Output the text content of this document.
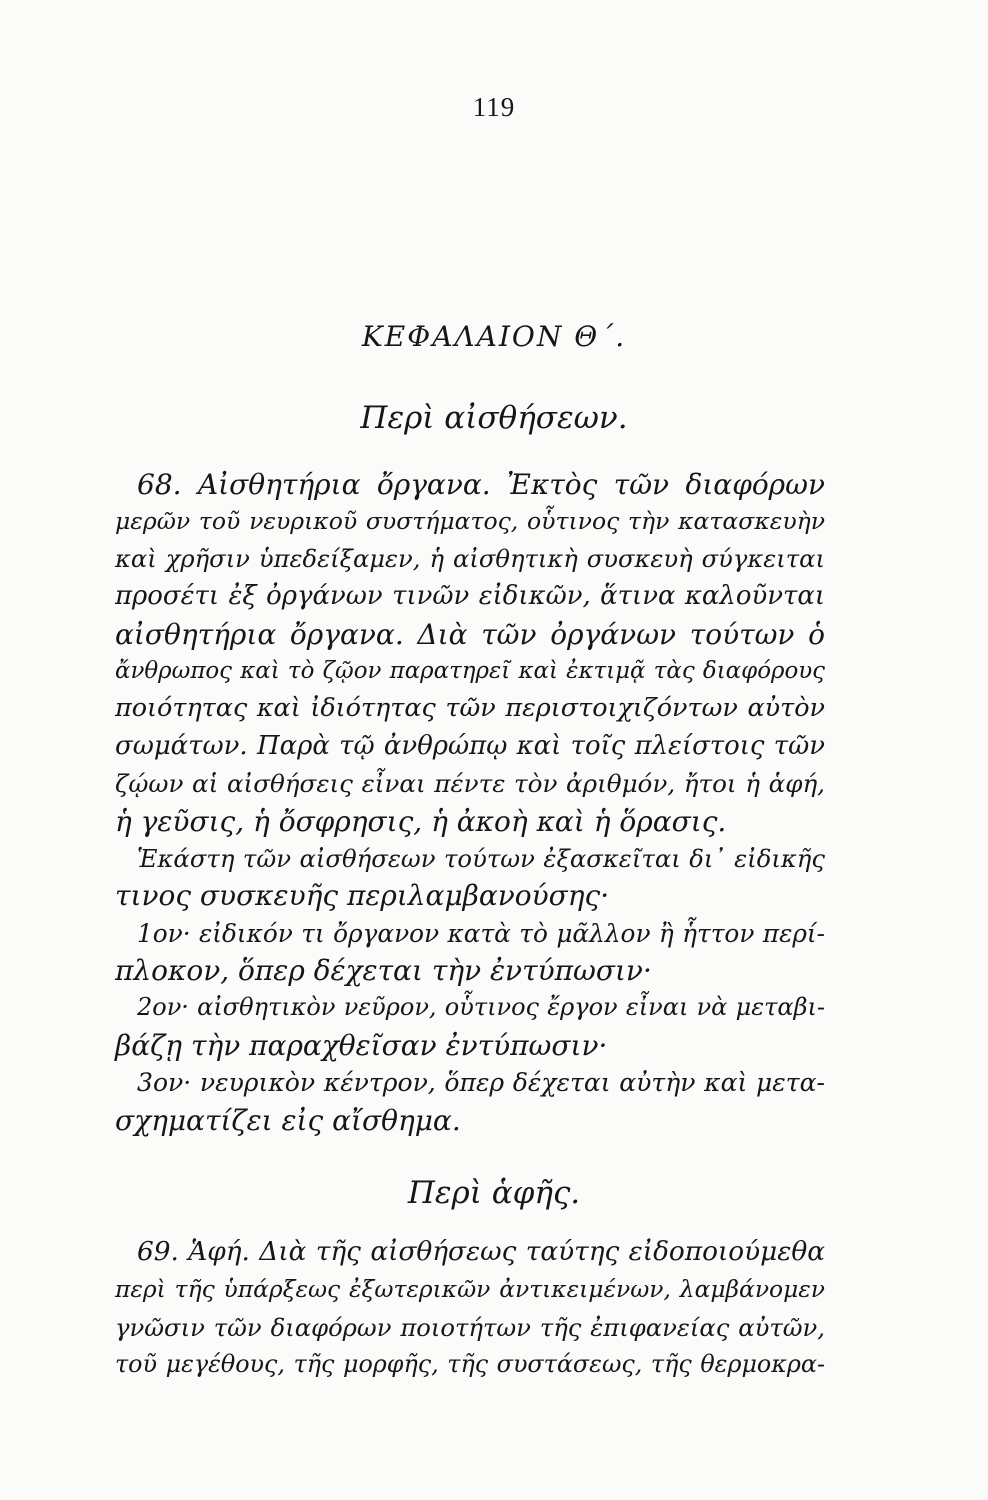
119
ΚΕΦΑΛΑΙΟΝ Θ΄.
Περὶ αἰσθήσεων.
68. Αἰσθητήρια ὄργανα. Ἐκτὸς τῶν διαφόρων
μερῶν τοῦ νευρικοῦ συστήματος, οὗτινος τὴν κατασκευὴν
καὶ χρῆσιν ὑπεδείξαμεν, ἡ αἰσθητικὴ συσκευὴ σύγκειται
προσέτι ἐξ ὀργάνων τινῶν εἰδικῶν, ἅτινα καλοῦνται
αἰσθητήρια ὄργανα. Διὰ τῶν ὀργάνων τούτων ὁ
ἄνθρωπος καὶ τὸ ζῷον παρατηρεῖ καὶ ἐκτιμᾷ τὰς διαφόρους
ποιότητας καὶ ἰδιότητας τῶν περιστοιχιζόντων αὐτὸν
σωμάτων. Παρὰ τῷ ἀνθρώπῳ καὶ τοῖς πλείστοις τῶν
ζῴων αἱ αἰσθήσεις εἶναι πέντε τὸν ἀριθμόν, ἤτοι ἡ ἁφή,
ἡ γεῦσις, ἡ ὄσφρησις, ἡ ἀκοὴ καὶ ἡ ὅρασις.
Ἑκάστη τῶν αἰσθήσεων τούτων ἐξασκεῖται δι᾽ εἰδικῆς
τινος συσκευῆς περιλαμβανούσης·
1ον· εἰδικόν τι ὄργανον κατὰ τὸ μᾶλλον ἢ ἧττον περί-
πλοκον, ὅπερ δέχεται τὴν ἐντύπωσιν·
2ον· αἰσθητικὸν νεῦρον, οὗτινος ἔργον εἶναι νὰ μεταβι-
βάζῃ τὴν παραχθεῖσαν ἐντύπωσιν·
3ον· νευρικὸν κέντρον, ὅπερ δέχεται αὐτὴν καὶ μετα-
σχηματίζει εἰς αἴσθημα.
Περὶ ἁφῆς.
69. Ἁφή. Διὰ τῆς αἰσθήσεως ταύτης εἰδοποιούμεθα
περὶ τῆς ὑπάρξεως ἐξωτερικῶν ἀντικειμένων, λαμβάνομεν
γνῶσιν τῶν διαφόρων ποιοτήτων τῆς ἐπιφανείας αὐτῶν,
τοῦ μεγέθους, τῆς μορφῆς, τῆς συστάσεως, τῆς θερμοκρα-
